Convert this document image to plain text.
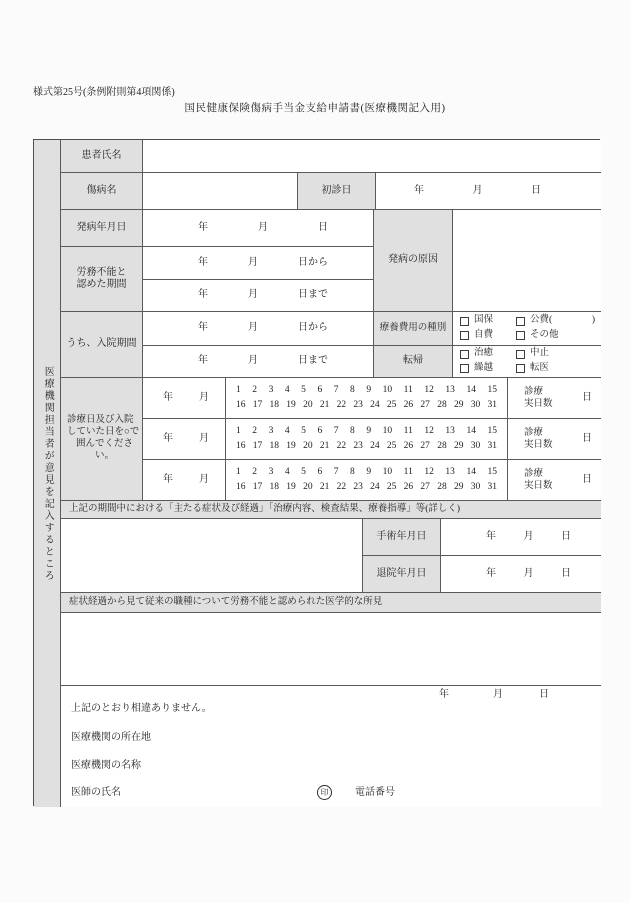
様式第25号(条例附則第4項関係)
国民健康保険傷病手当金支給申請書(医療機関記入用)
医療機関担当者が意見を記入するところ
患者氏名
傷病名	初診日	年	月	日
発病年月日	年	月	日
発病の原因
労務不能と
認めた期間
年	月	日から
年	月	日まで
うち、入院期間
年	月	日から
年	月	日まで
療養費用の種別
国保	公費(	)
自費	その他
転帰
治癒	中止
繰越	転医
診療日及び入院
していた日を○で
囲んでください。
年	月
1 2 3 4 5 6 7 8 9 10 11 12 13 14 15
16 17 18 19 20 21 22 23 24 25 26 27 28 29 30 31
診療
実日数
日
年	月
1 2 3 4 5 6 7 8 9 10 11 12 13 14 15
16 17 18 19 20 21 22 23 24 25 26 27 28 29 30 31
診療
実日数
日
年	月
1 2 3 4 5 6 7 8 9 10 11 12 13 14 15
16 17 18 19 20 21 22 23 24 25 26 27 28 29 30 31
診療
実日数
日
上記の期間中における「主たる症状及び経過」「治療内容、検査結果、療養指導」等(詳しく)
手術年月日	年	月	日
退院年月日	年	月	日
症状経過から見て従来の職種について労務不能と認められた医学的な所見
年	月	日
上記のとおり相違ありません。
医療機関の所在地
医療機関の名称
医師の氏名	印	電話番号
